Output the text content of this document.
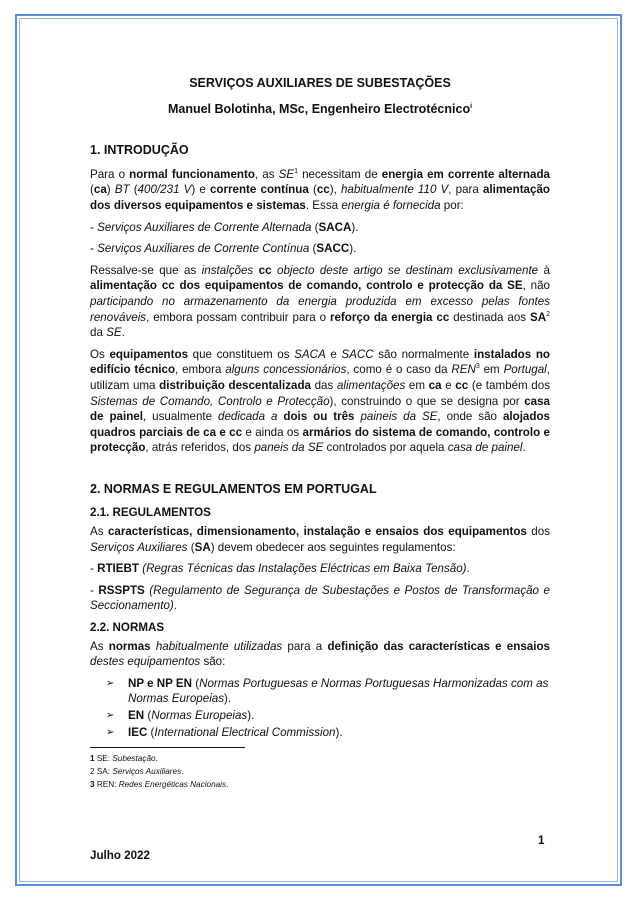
SERVIÇOS AUXILIARES DE SUBESTAÇÕES

Manuel Bolotinha, MSc, Engenheiro Electrotécnico$^i$

1. INTRODUÇÃO

Para o normal funcionamento, as $SE^1$ necessitam de energia em corrente alternada (ca) BT (400/231 V) e corrente contínua (cc), habitualmente 110 V, para alimentação dos diversos equipamentos e sistemas. Essa energia é fornecida por:

- Serviços Auxiliares de Corrente Alternada (SACA).

- Serviços Auxiliares de Corrente Contínua (SACC).

Ressalve-se que as instalções cc objecto deste artigo se destinam exclusivamente à alimentação cc dos equipamentos de comando, controlo e protecção da SE, não participando no armazenamento da energia produzida em excesso pelas fontes renováveis, embora possam contribuir para o reforço da energia cc destinada aos $SA^2$ da SE.

Os equipamentos que constituem os SACA e SACC são normalmente instalados no edifício técnico, embora alguns concessionários, como é o caso da REN$^3$ em Portugal, utilizam uma distribuição descentalizada das alimentações em ca e cc (e também dos Sistemas de Comando, Controlo e Protecção), construindo o que se designa por casa de painel, usualmente dedicada a dois ou três paineis da SE, onde são alojados quadros parciais de ca e cc e ainda os armários do sistema de comando, controlo e protecção, atrás referidos, dos paneis da SE controlados por aquela casa de painel.

2. NORMAS E REGULAMENTOS EM PORTUGAL
2.1. REGULAMENTOS

As características, dimensionamento, instalação e ensaios dos equipamentos dos Serviços Auxiliares (SA) devem obedecer aos seguintes regulamentos:

- RTIEBT (Regras Técnicas das Instalações Eléctricas em Baixa Tensão).

- RSSPTS (Regulamento de Segurança de Subestações e Postos de Transformação e Seccionamento).

2.2. NORMAS

As normas habitualmente utilizadas para a definição das características e ensaios destes equipamentos são:

➢ NP e NP EN (Normas Portuguesas e Normas Portuguesas Harmonizadas com as Normas Europeias).
➢ EN (Normas Europeias).
➢ IEC (International Electrical Commission).
1 SE: Subestação.
2 SA: Serviços Auxiliares.
3 REN: Redes Energéticas Nacionais.
1
Julho 2022
